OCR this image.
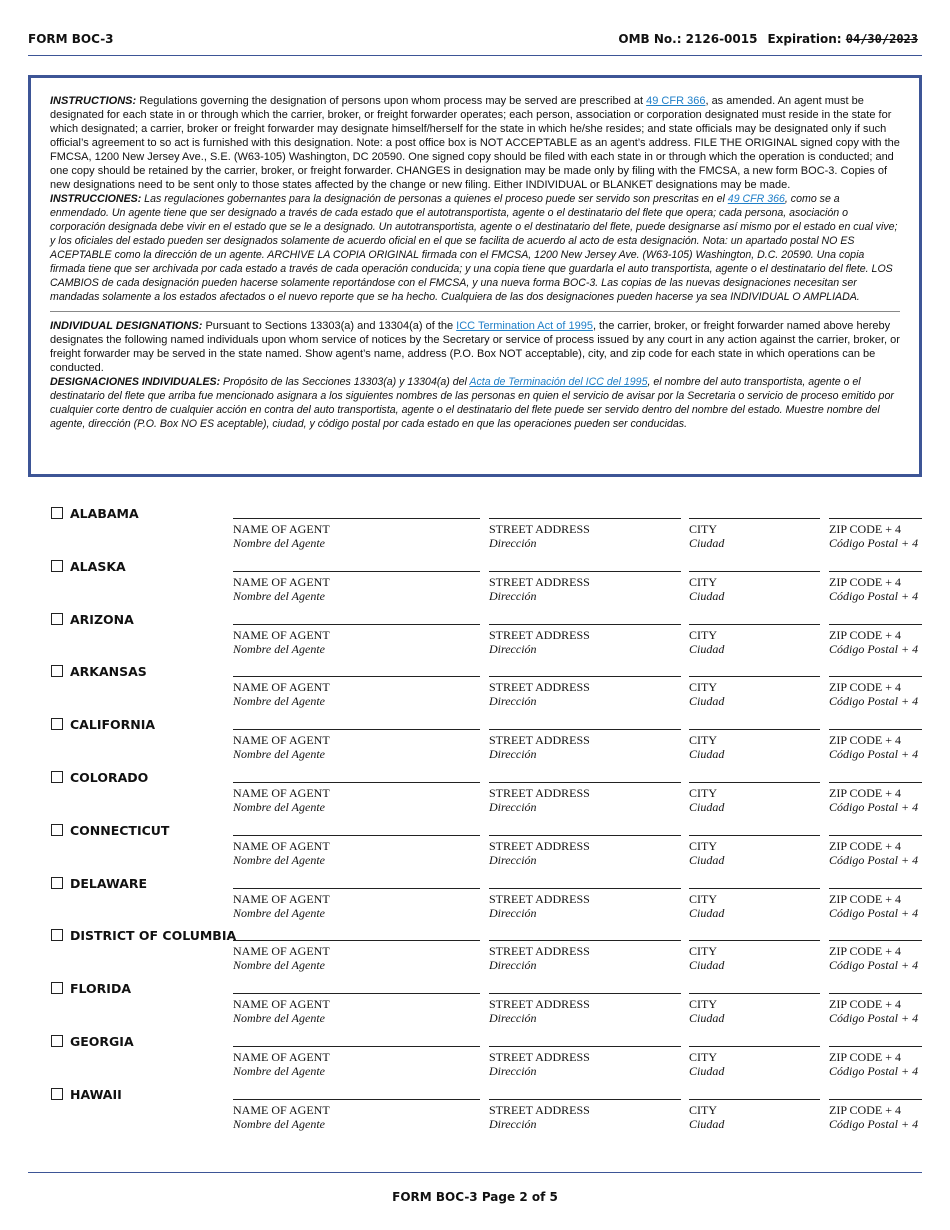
FORM BOC-3	OMB No.: 2126-0015 Expiration: 04/30/2023

INSTRUCTIONS: Regulations governing the designation of persons upon whom process may be served are prescribed at 49 CFR 366, as amended. An agent must be designated for each state in or through which the carrier, broker, or freight forwarder operates; each person, association or corporation designated must reside in the state for which designated; a carrier, broker or freight forwarder may designate himself/herself for the state in which he/she resides; and state officials may be designated only if such official’s agreement to so act is furnished with this designation. Note: a post office box is NOT ACCEPTABLE as an agent’s address. FILE THE ORIGINAL signed copy with the FMCSA, 1200 New Jersey Ave., S.E. (W63-105) Washington, DC 20590. One signed copy should be filed with each state in or through which the operation is conducted; and one copy should be retained by the carrier, broker, or freight forwarder. CHANGES in designation may be made only by filing with the FMCSA, a new form BOC-3. Copies of new designations need to be sent only to those states affected by the change or new filing. Either INDIVIDUAL or BLANKET designations may be made.

INSTRUCCIONES: Las regulaciones gobernantes para la designación de personas a quienes el proceso puede ser servido son prescritas en el 49 CFR 366, como se a enmendado. Un agente tiene que ser designado a través de cada estado que el autotransportista, agente o el destinatario del flete que opera; cada persona, asociación o corporación designada debe vivir en el estado que se le a designado. Un autotransportista, agente o el destinatario del flete, puede designarse así mismo por el estado en cual vive; y los oficiales del estado pueden ser designados solamente de acuerdo oficial en el que se facilita de acuerdo al acto de esta designación. Nota: un apartado postal NO ES ACEPTABLE como la dirección de un agente. ARCHIVE LA COPIA ORIGINAL firmada con el FMCSA, 1200 New Jersey Ave. (W63-105) Washington, D.C. 20590. Una copia firmada tiene que ser archivada por cada estado a través de cada operación conducida; y una copia tiene que guardarla el auto transportista, agente o el destinatario del flete. LOS CAMBIOS de cada designación pueden hacerse solamente reportándose con el FMCSA, y una nueva forma BOC-3. Las copias de las nuevas designaciones necesitan ser mandadas solamente a los estados afectados o el nuevo reporte que se ha hecho. Cualquiera de las dos designaciones pueden hacerse ya sea INDIVIDUAL O AMPLIADA.

INDIVIDUAL DESIGNATIONS: Pursuant to Sections 13303(a) and 13304(a) of the ICC Termination Act of 1995, the carrier, broker, or freight forwarder named above hereby designates the following named individuals upon whom service of notices by the Secretary or service of process issued by any court in any action against the carrier, broker, or freight forwarder may be served in the state named. Show agent’s name, address (P.O. Box NOT acceptable), city, and zip code for each state in which operations can be conducted.

DESIGNACIONES INDIVIDUALES: Propósito de las Secciones 13303(a) y 13304(a) del Acta de Terminación del ICC del 1995, el nombre del auto transportista, agente o el destinatario del flete que arriba fue mencionado asignara a los siguientes nombres de las personas en quien el servicio de avisar por la Secretaria o servicio de proceso emitido por cualquier corte dentro de cualquier acción en contra del auto transportista, agente o el destinatario del flete puede ser servido dentro del nombre del estado. Muestre nombre del agente, dirección (P.O. Box NO ES aceptable), ciudad, y código postal por cada estado en que las operaciones pueden ser conducidas.

ALABAMA
NAME OF AGENT
Nombre del Agente
STREET ADDRESS
Dirección
CITY
Ciudad
ZIP CODE + 4
Código Postal + 4
ALASKA
NAME OF AGENT
Nombre del Agente
STREET ADDRESS
Dirección
CITY
Ciudad
ZIP CODE + 4
Código Postal + 4
ARIZONA
NAME OF AGENT
Nombre del Agente
STREET ADDRESS
Dirección
CITY
Ciudad
ZIP CODE + 4
Código Postal + 4
ARKANSAS
NAME OF AGENT
Nombre del Agente
STREET ADDRESS
Dirección
CITY
Ciudad
ZIP CODE + 4
Código Postal + 4
CALIFORNIA
NAME OF AGENT
Nombre del Agente
STREET ADDRESS
Dirección
CITY
Ciudad
ZIP CODE + 4
Código Postal + 4
COLORADO
NAME OF AGENT
Nombre del Agente
STREET ADDRESS
Dirección
CITY
Ciudad
ZIP CODE + 4
Código Postal + 4
CONNECTICUT
NAME OF AGENT
Nombre del Agente
STREET ADDRESS
Dirección
CITY
Ciudad
ZIP CODE + 4
Código Postal + 4
DELAWARE
NAME OF AGENT
Nombre del Agente
STREET ADDRESS
Dirección
CITY
Ciudad
ZIP CODE + 4
Código Postal + 4
DISTRICT OF COLUMBIA
NAME OF AGENT
Nombre del Agente
STREET ADDRESS
Dirección
CITY
Ciudad
ZIP CODE + 4
Código Postal + 4
FLORIDA
NAME OF AGENT
Nombre del Agente
STREET ADDRESS
Dirección
CITY
Ciudad
ZIP CODE + 4
Código Postal + 4
GEORGIA
NAME OF AGENT
Nombre del Agente
STREET ADDRESS
Dirección
CITY
Ciudad
ZIP CODE + 4
Código Postal + 4
HAWAII
NAME OF AGENT
Nombre del Agente
STREET ADDRESS
Dirección
CITY
Ciudad
ZIP CODE + 4
Código Postal + 4
FORM BOC-3 Page 2 of 5
